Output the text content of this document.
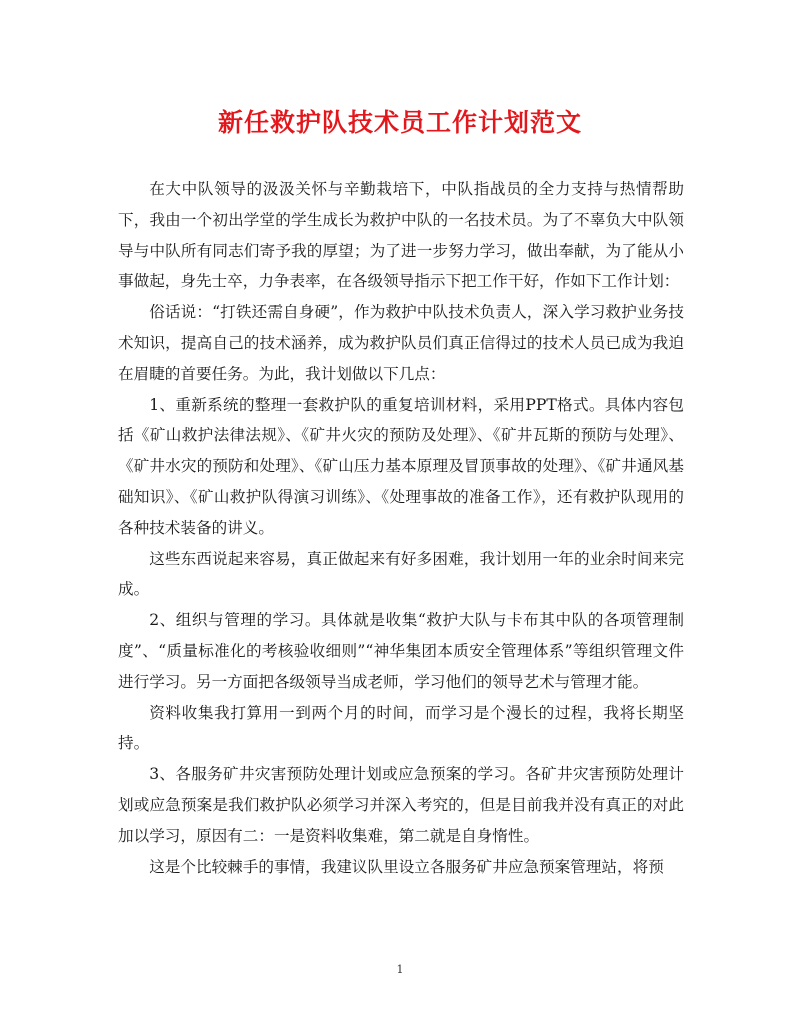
新任救护队技术员工作计划范文

在大中队领导的汲汲关怀与辛勤栽培下，中队指战员的全力支持与热情帮助下，我由一个初出学堂的学生成长为救护中队的一名技术员。为了不辜负大中队领导与中队所有同志们寄予我的厚望；为了进一步努力学习，做出奉献，为了能从小事做起，身先士卒，力争表率，在各级领导指示下把工作干好，作如下工作计划：

俗话说：“打铁还需自身硬”，作为救护中队技术负责人，深入学习救护业务技术知识，提高自己的技术涵养，成为救护队员们真正信得过的技术人员已成为我迫在眉睫的首要任务。为此，我计划做以下几点：

1、重新系统的整理一套救护队的重复培训材料，采用PPT格式。具体内容包括《矿山救护法律法规》、《矿井火灾的预防及处理》、《矿井瓦斯的预防与处理》、《矿井水灾的预防和处理》、《矿山压力基本原理及冒顶事故的处理》、《矿井通风基础知识》、《矿山救护队得演习训练》、《处理事故的准备工作》，还有救护队现用的各种技术装备的讲义。

这些东西说起来容易，真正做起来有好多困难，我计划用一年的业余时间来完成。

2、组织与管理的学习。具体就是收集“救护大队与卡布其中队的各项管理制度”、“质量标准化的考核验收细则”“神华集团本质安全管理体系”等组织管理文件进行学习。另一方面把各级领导当成老师，学习他们的领导艺术与管理才能。

资料收集我打算用一到两个月的时间，而学习是个漫长的过程，我将长期坚持。

3、各服务矿井灾害预防处理计划或应急预案的学习。各矿井灾害预防处理计划或应急预案是我们救护队必须学习并深入考究的，但是目前我并没有真正的对此加以学习，原因有二：一是资料收集难，第二就是自身惰性。

这是个比较棘手的事情，我建议队里设立各服务矿井应急预案管理站，将预

1
